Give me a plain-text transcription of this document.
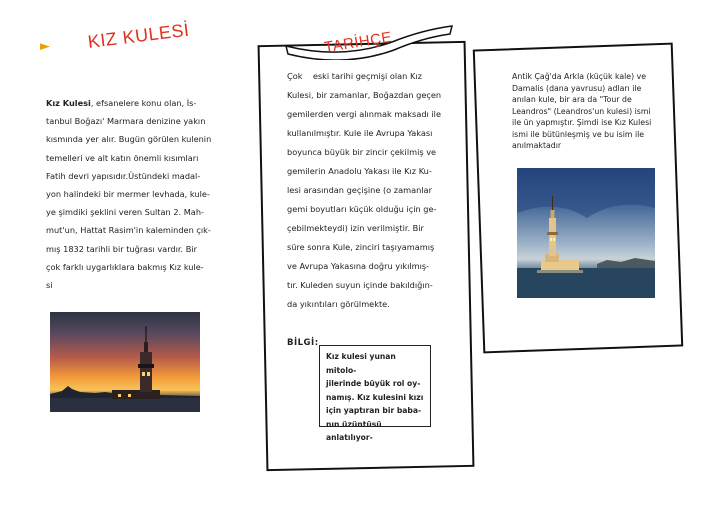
► KIZ KULESİ
Kız Kulesi, efsanelere konu olan, İs-
tanbul Boğazı' Marmara denizine yakın
kısmında yer alır. Bugün görülen kulenin
temelleri ve alt katın önemli kısımları
Fatih devri yapısıdır.Üstündeki madal-
yon halindeki bir mermer levhada, kule-
ye şimdiki şeklini veren Sultan 2. Mah-
mut'un, Hattat Rasim'in kaleminden çık-
mış 1832 tarihli bir tuğrası vardır. Bir
çok farklı uygarlıklara bakmış Kız kule-
si
TARİHÇE
Çok    eski tarihi geçmişi olan Kız
Kulesi, bir zamanlar, Boğazdan geçen
gemilerden vergi alınmak maksadı ile
kullanılmıştır. Kule ile Avrupa Yakası
boyunca büyük bir zincir çekilmiş ve
gemilerin Anadolu Yakası ile Kız Ku-
lesi arasından geçişine (o zamanlar
gemi boyutları küçük olduğu için ge-
çebilmekteydi) izin verilmiştir. Bir
süre sonra Kule, zinciri taşıyamamış
ve Avrupa Yakasına doğru yıkılmış-
tır. Kuleden suyun içinde bakıldığın-
da yıkıntıları görülmekte.
BİLGİ:
Kız kulesi yunan mitolo-
jilerinde büyük rol oy-
namış. Kız kulesini kızı
için yaptıran bir baba-
nın üzüntüsü anlatılıyor-
Antik Çağ'da Arkla (küçük kale) ve
Damalis (dana yavrusu) adları ile
anılan kule, bir ara da "Tour de
Leandros" (Leandros'un kulesi) ismi
ile ün yapmıştır. Şimdi ise Kız Kulesi
ismi ile bütünleşmiş ve bu isim ile
anılmaktadır
